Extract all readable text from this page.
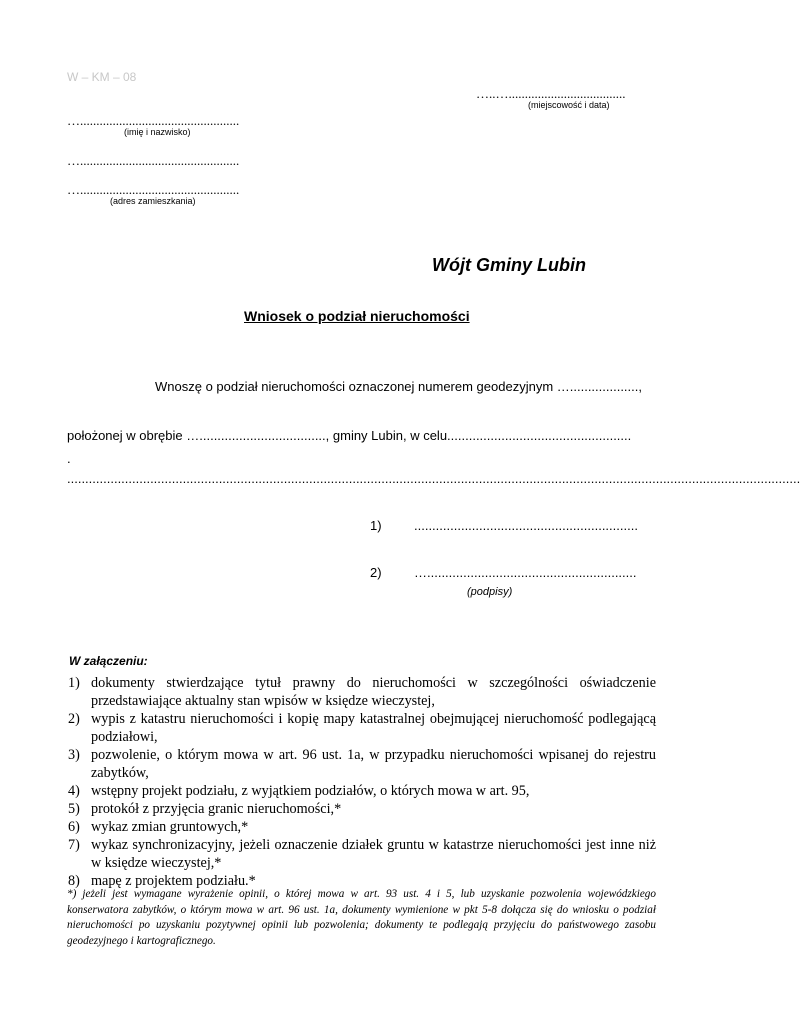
W – KM – 08
…..…....................................
(miejscowość i data)
….................................................
(imię i nazwisko)
….................................................
….................................................
(adres zamieszkania)
Wójt Gminy Lubin
Wniosek o podział nieruchomości
Wnoszę o podział nieruchomości oznaczonej numerem geodezyjnym …...................,
położonej w obrębie …..................................., gminy Lubin, w celu...................................................
.
...........................................................................................................................................................................................................
1) ..............................................................
2) …..........................................................
(podpisy)
W załączeniu:
1) dokumenty stwierdzające tytuł prawny do nieruchomości w szczególności oświadczenie przedstawiające aktualny stan wpisów w księdze wieczystej,
2) wypis z katastru nieruchomości i kopię mapy katastralnej obejmującej nieruchomość podlegającą podziałowi,
3) pozwolenie, o którym mowa w art. 96 ust. 1a, w przypadku nieruchomości wpisanej do rejestru zabytków,
4) wstępny projekt podziału, z wyjątkiem podziałów, o których mowa w art. 95,
5) protokół z przyjęcia granic nieruchomości,*
6) wykaz zmian gruntowych,*
7) wykaz synchronizacyjny, jeżeli oznaczenie działek gruntu w katastrze nieruchomości jest inne niż w księdze wieczystej,*
8) mapę z projektem podziału.*

*) jeżeli jest wymagane wyrażenie opinii, o której mowa w art. 93 ust. 4 i 5, lub uzyskanie pozwolenia wojewódzkiego konserwatora zabytków, o którym mowa w art. 96 ust. 1a, dokumenty wymienione w pkt 5-8 dołącza się do wniosku o podział nieruchomości po uzyskaniu pozytywnej opinii lub pozwolenia; dokumenty te podlegają przyjęciu do państwowego zasobu geodezyjnego i kartograficznego.
